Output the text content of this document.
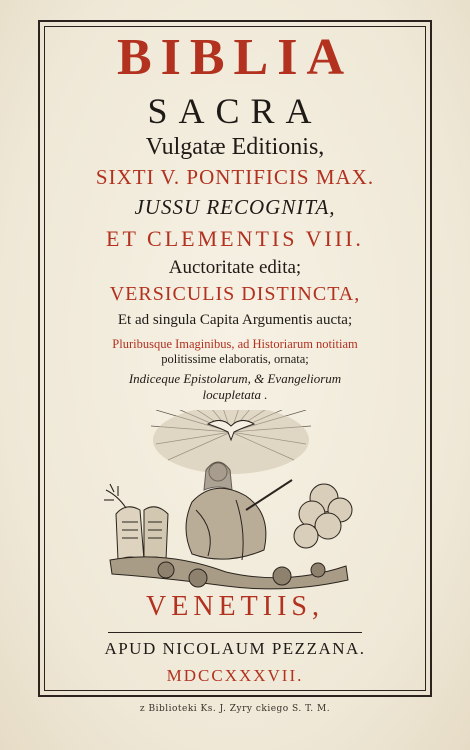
BIBLIA
SACRA
Vulgatæ Editionis,
SIXTI V. PONTIFICIS MAX.
JUSSU RECOGNITA,
ET CLEMENTIS VIII.
Auctoritate edita;
VERSICULIS DISTINCTA,
Et ad singula Capita Argumentis aucta;
Pluribusque Imaginibus, ad Historiarum notitiam
politissime elaboratis, ornata;
Indiceque Epistolarum, & Evangeliorum
locupletata .
VENETIIS,
APUD NICOLAUM PEZZANA.
MDCCXXXVII.
z Biblioteki Ks. J. Zyry ckiego S. T. M.
